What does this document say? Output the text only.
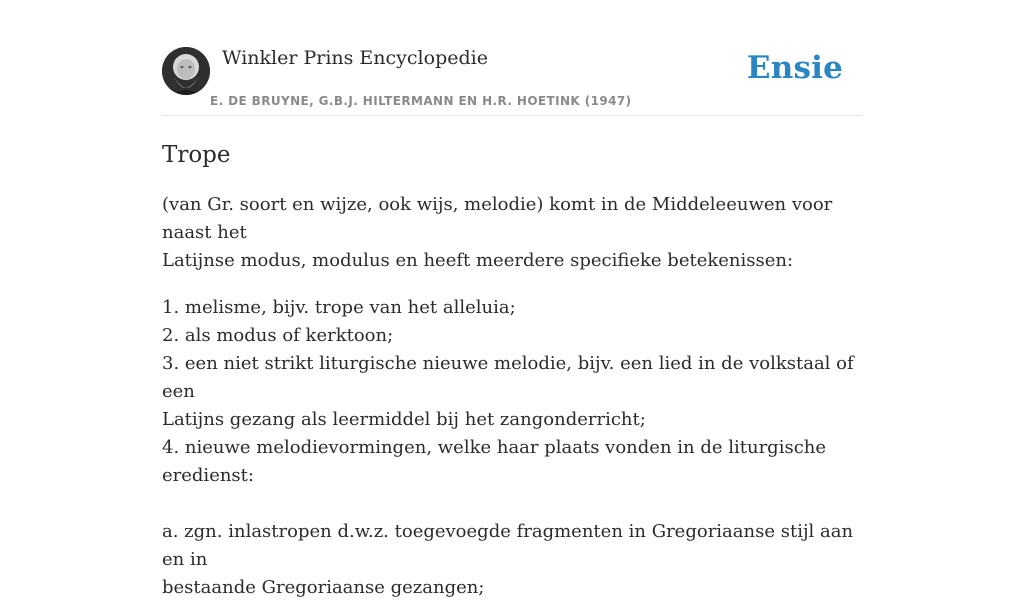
Winkler Prins Encyclopedie
E. DE BRUYNE, G.B.J. HILTERMANN EN H.R. HOETINK (1947)
Ensie
Trope

(van Gr. soort en wijze, ook wijs, melodie) komt in de Middeleeuwen voor naast het
Latijnse modus, modulus en heeft meerdere specifieke betekenissen:

1. melisme, bijv. trope van het alleluia;
2. als modus of kerktoon;
3. een niet strikt liturgische nieuwe melodie, bijv. een lied in de volkstaal of een
Latijns gezang als leermiddel bij het zangonderricht;
4. nieuwe melodievormingen, welke haar plaats vonden in de liturgische eredienst:

a. zgn. inlastropen d.w.z. toegevoegde fragmenten in Gregoriaanse stijl aan en in
bestaande Gregoriaanse gezangen;
